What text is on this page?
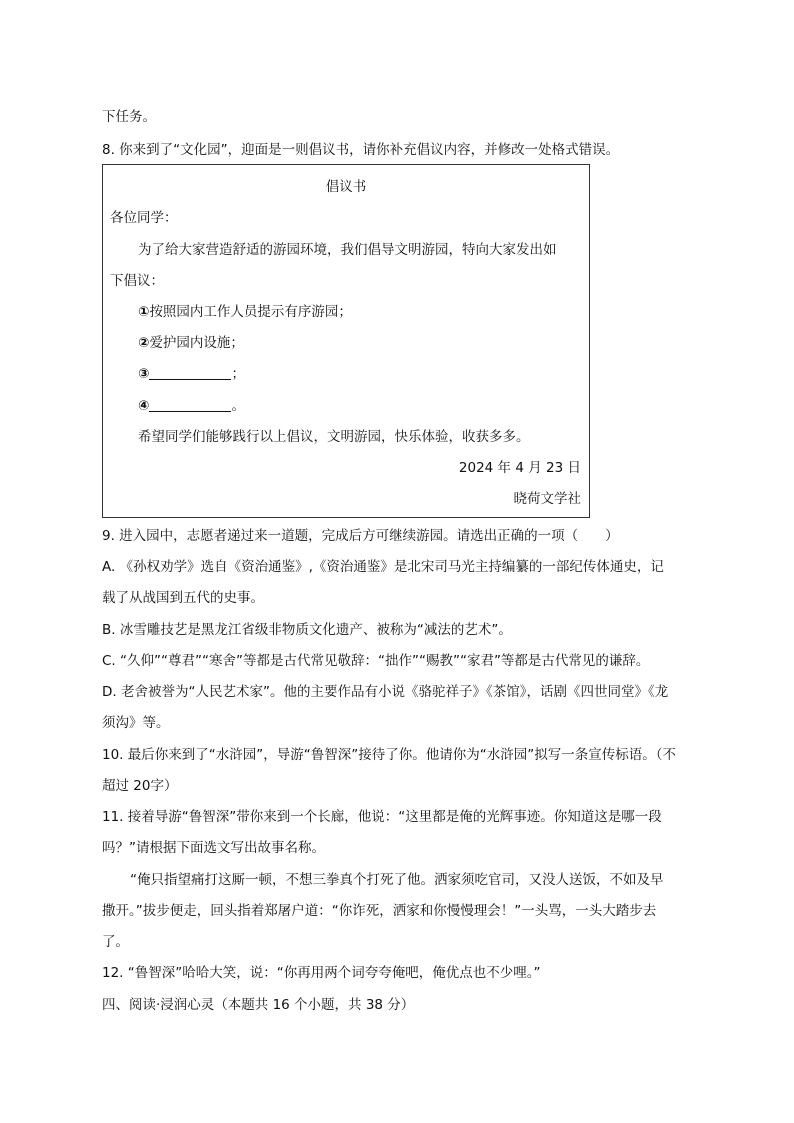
下任务。
8. 你来到了“文化园”，迎面是一则倡议书，请你补充倡议内容，并修改一处格式错误。
倡议书
各位同学：
为了给大家营造舒适的游园环境，我们倡导文明游园，特向大家发出如
下倡议：
①按照园内工作人员提示有序游园；
②爱护园内设施；
③	；
④	。
希望同学们能够践行以上倡议，文明游园，快乐体验，收获多多。
2024 年 4 月 23 日
晓荷文学社
9. 进入园中，志愿者递过来一道题，完成后方可继续游园。请选出正确的一项（　　）
A. 《孙权劝学》选自《资治通鉴》,《资治通鉴》是北宋司马光主持编纂的一部纪传体通史，记
载了从战国到五代的史事。
B. 冰雪雕技艺是黑龙江省级非物质文化遗产、被称为“减法的艺术”。
C. “久仰”“尊君”“寒舍”等都是古代常见敬辞：“拙作”“赐教”“家君”等都是古代常见的谦辞。
D. 老舍被誉为“人民艺术家”。他的主要作品有小说《骆驼祥子》《茶馆》，话剧《四世同堂》《龙
须沟》等。
10. 最后你来到了“水浒园”，导游“鲁智深”接待了你。他请你为“水浒园”拟写一条宣传标语。（不
超过 20字）
11. 接着导游“鲁智深”带你来到一个长廊，他说：“这里都是俺的光辉事迹。你知道这是哪一段
吗？”请根据下面选文写出故事名称。
“俺只指望痛打这厮一顿，不想三拳真个打死了他。洒家须吃官司，又没人送饭，不如及早
撒开。”拔步便走，回头指着郑屠户道：“你诈死，洒家和你慢慢理会！”一头骂，一头大踏步去
了。
12. “鲁智深”哈哈大笑，说：“你再用两个词夸夸俺吧，俺优点也不少哩。”
四、阅读·浸润心灵（本题共 16 个小题，共 38 分）
